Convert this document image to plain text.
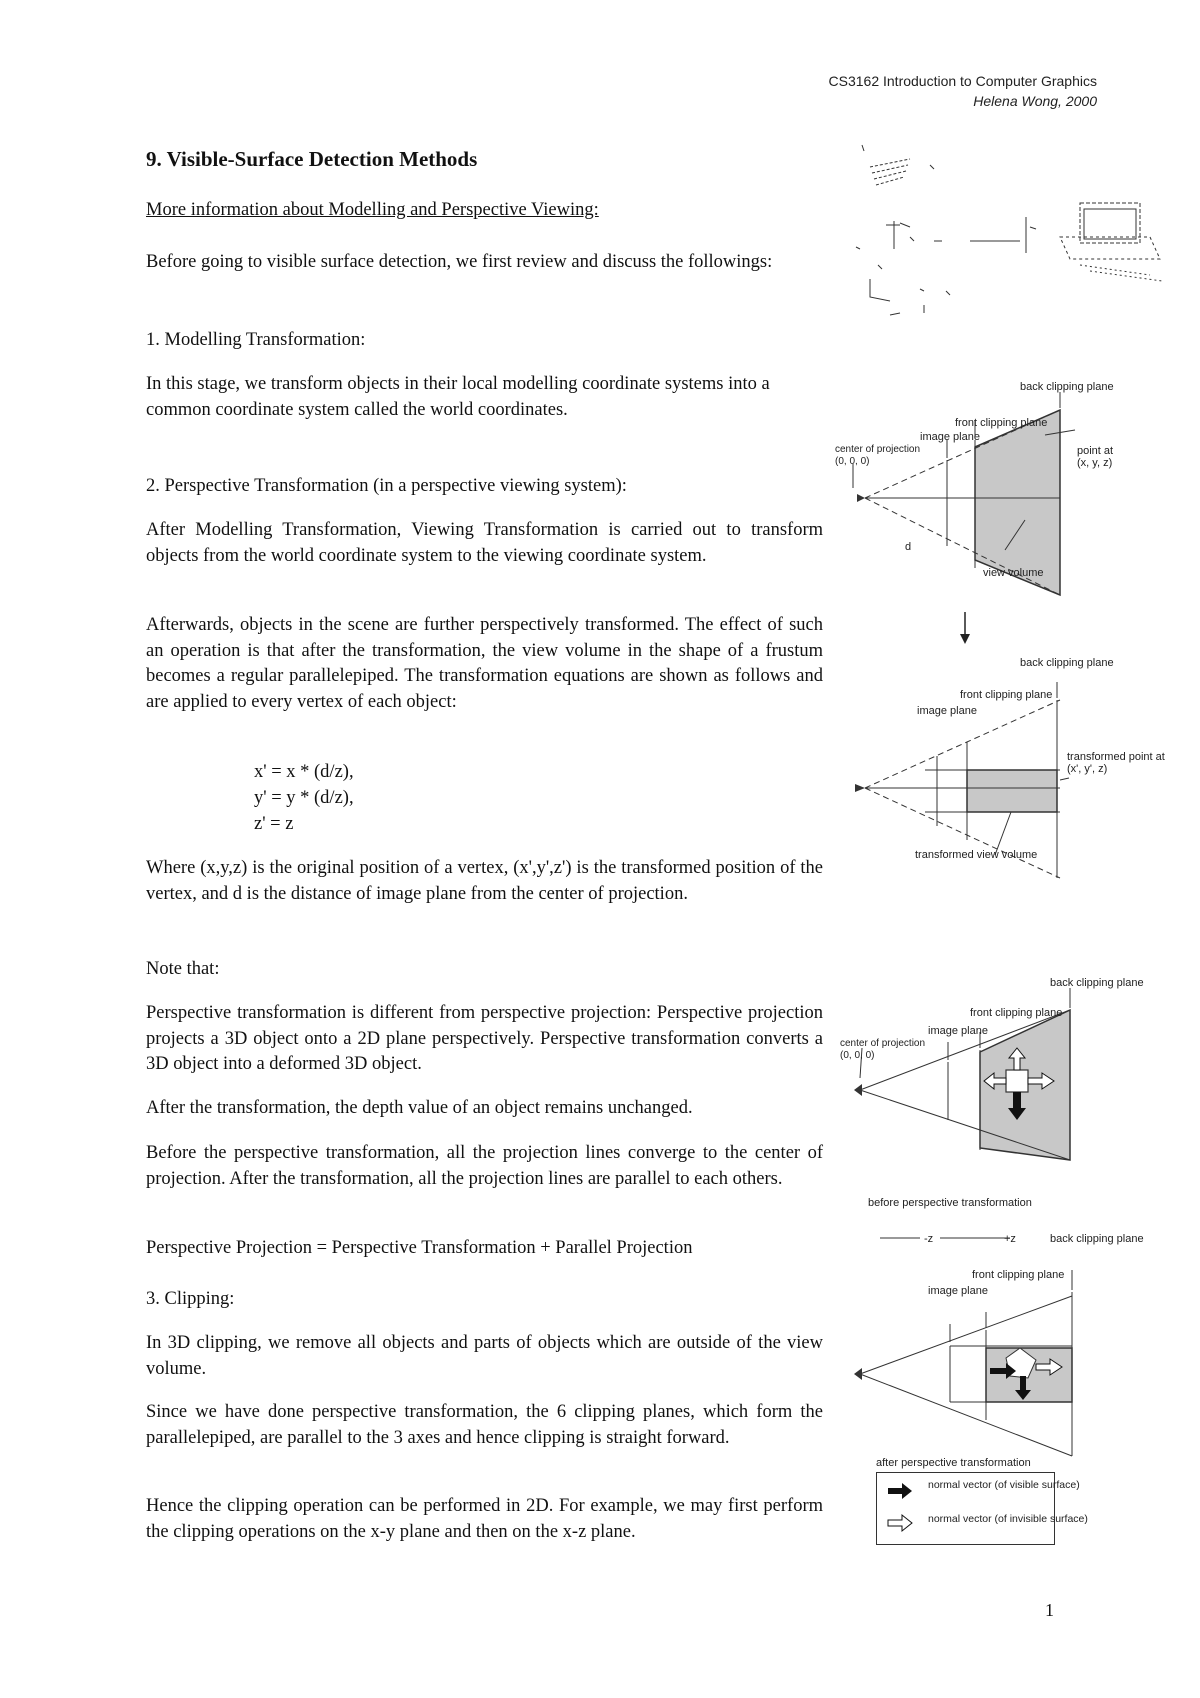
CS3162 Introduction to Computer Graphics
Helena Wong, 2000
9. Visible-Surface Detection Methods
More information about Modelling and Perspective Viewing:
Before going to visible surface detection, we first review and discuss the followings:
1. Modelling Transformation:
In this stage, we transform objects in their local modelling coordinate systems into a common coordinate system called the world coordinates.
2. Perspective Transformation (in a perspective viewing system):
After Modelling Transformation, Viewing Transformation is carried out to transform objects from the world coordinate system to the viewing coordinate system.
Afterwards, objects in the scene are further perspectively transformed. The effect of such an operation is that after the transformation, the view volume in the shape of a frustum becomes a regular parallelepiped. The transformation equations are shown as follows and are applied to every vertex of each object:
x' = x * (d/z),
y' = y * (d/z),
z' = z
Where (x,y,z) is the original position of a vertex, (x',y',z') is the transformed position of the vertex, and d is the distance of image plane from the center of projection.
Note that:
Perspective transformation is different from perspective projection: Perspective projection projects a 3D object onto a 2D plane perspectively. Perspective transformation converts a 3D object into a deformed 3D object.
After the transformation, the depth value of an object remains unchanged.
Before the perspective transformation, all the projection lines converge to the center of projection. After the transformation, all the projection lines are parallel to each others.
Perspective Projection = Perspective Transformation + Parallel Projection
3. Clipping:
In 3D clipping, we remove all objects and parts of objects which are outside of the view volume.
Since we have done perspective transformation, the 6 clipping planes, which form the parallelepiped, are parallel to the 3 axes and hence clipping is straight forward.
Hence the clipping operation can be performed in 2D. For example, we may first perform the clipping operations on the x-y plane and then on the x-z plane.
1
back clipping plane
front clipping plane
image plane
center of projection
(0, 0, 0)
point at
(x, y, z)
d
view volume
back clipping plane
front clipping plane
image plane
transformed point at
(x', y', z)
transformed view volume
back clipping plane
front clipping plane
image plane
center of projection
(0, 0, 0)
before perspective transformation
-z	+z	back clipping plane
front clipping plane
image plane
after perspective transformation
normal vector (of visible surface)
normal vector (of invisible surface)
